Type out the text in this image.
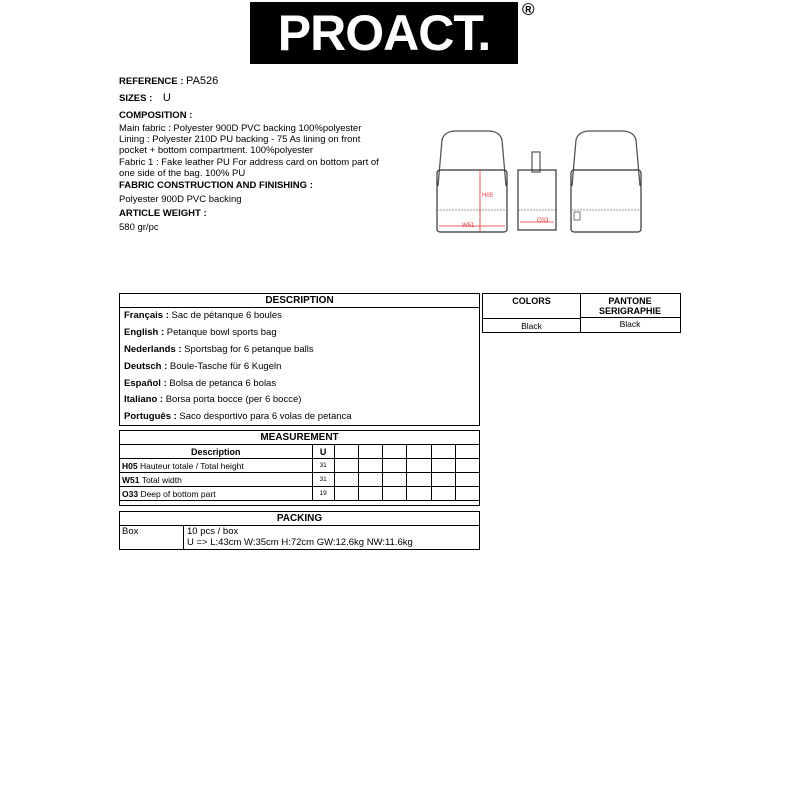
PROACT.	®
REFERENCE : PA526
SIZES : U
COMPOSITION :
Main fabric : Polyester 900D PVC backing 100%polyester
Lining : Polyester 210D PU backing - 75 As lining on front
pocket + bottom compartment. 100%polyester
Fabric 1 : Fake leather PU For address card on bottom part of
one side of the bag. 100% PU
FABRIC CONSTRUCTION AND FINISHING :
Polyester 900D PVC backing
ARTICLE WEIGHT :
580 gr/pc
H05
W51
O33
DESCRIPTION
Français : Sac de pétanque 6 boules
English : Petanque bowl sports bag
Nederlands : Sportsbag for 6 petanque balls
Deutsch : Boule-Tasche für 6 Kugeln
Español : Bolsa de petanca 6 bolas
Italiano : Borsa porta bocce (per 6 bocce)
Português : Saco desportivo para 6 volas de petanca
COLORS	PANTONE SERIGRAPHIE
Black	Black
MEASUREMENT
Description	U						
H05 Hauteur totale / Total height	31						
W51 Total width	31						
O33 Deep of bottom part	19						
PACKING
Box	10 pcs / box
U => L:43cm W:35cm H:72cm GW:12.6kg NW:11.6kg
